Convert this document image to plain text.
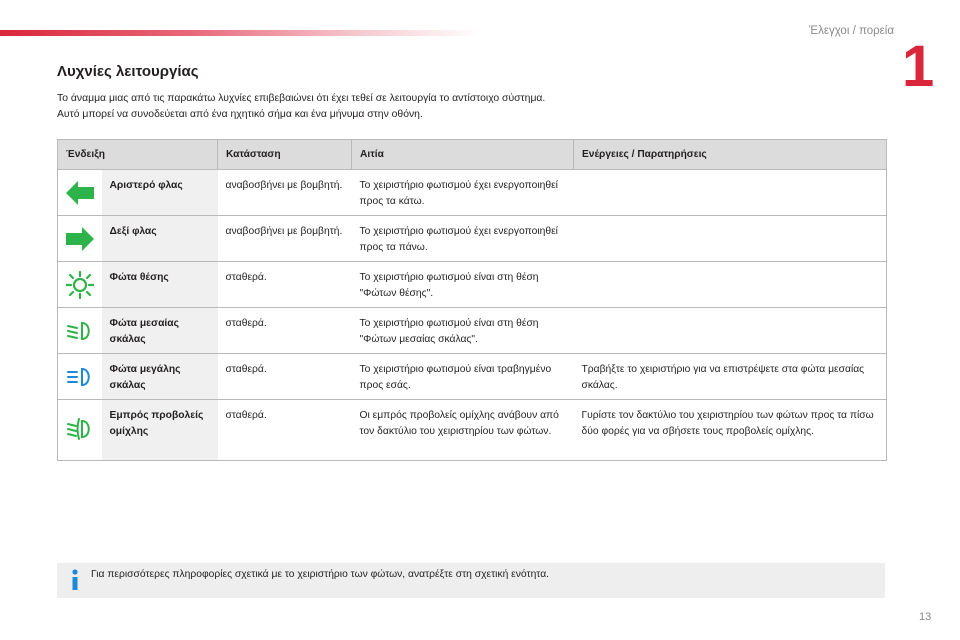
Έλεγχοι / πορεία
1
Λυχνίες λειτουργίας

Το άναμμα μιας από τις παρακάτω λυχνίες επιβεβαιώνει ότι έχει τεθεί σε λειτουργία το αντίστοιχο σύστημα.
Αυτό μπορεί να συνοδεύεται από ένα ηχητικό σήμα και ένα μήνυμα στην οθόνη.

Ένδειξη		Κατάσταση	Αιτία	Ενέργειες / Παρατηρήσεις
	Αριστερό φλας	αναβοσβήνει με βομβητή.	Το χειριστήριο φωτισμού έχει ενεργοποιηθεί προς τα κάτω.	
	Δεξί φλας	αναβοσβήνει με βομβητή.	Το χειριστήριο φωτισμού έχει ενεργοποιηθεί προς τα πάνω.	
	Φώτα θέσης	σταθερά.	Το χειριστήριο φωτισμού είναι στη θέση "Φώτων θέσης".	
	Φώτα μεσαίας σκάλας	σταθερά.	Το χειριστήριο φωτισμού είναι στη θέση "Φώτων μεσαίας σκάλας".	
	Φώτα μεγάλης σκάλας	σταθερά.	Το χειριστήριο φωτισμού είναι τραβηγμένο προς εσάς.	Τραβήξτε το χειριστήριο για να επιστρέψετε στα φώτα μεσαίας σκάλας.
	Εμπρός προβολείς ομίχλης	σταθερά.	Οι εμπρός προβολείς ομίχλης ανάβουν από τον δακτύλιο του χειριστηρίου των φώτων.	Γυρίστε τον δακτύλιο του χειριστηρίου των φώτων προς τα πίσω δύο φορές για να σβήσετε τους προβολείς ομίχλης.
Για περισσότερες πληροφορίες σχετικά με το χειριστήριο των φώτων, ανατρέξτε στη σχετική ενότητα.
13
